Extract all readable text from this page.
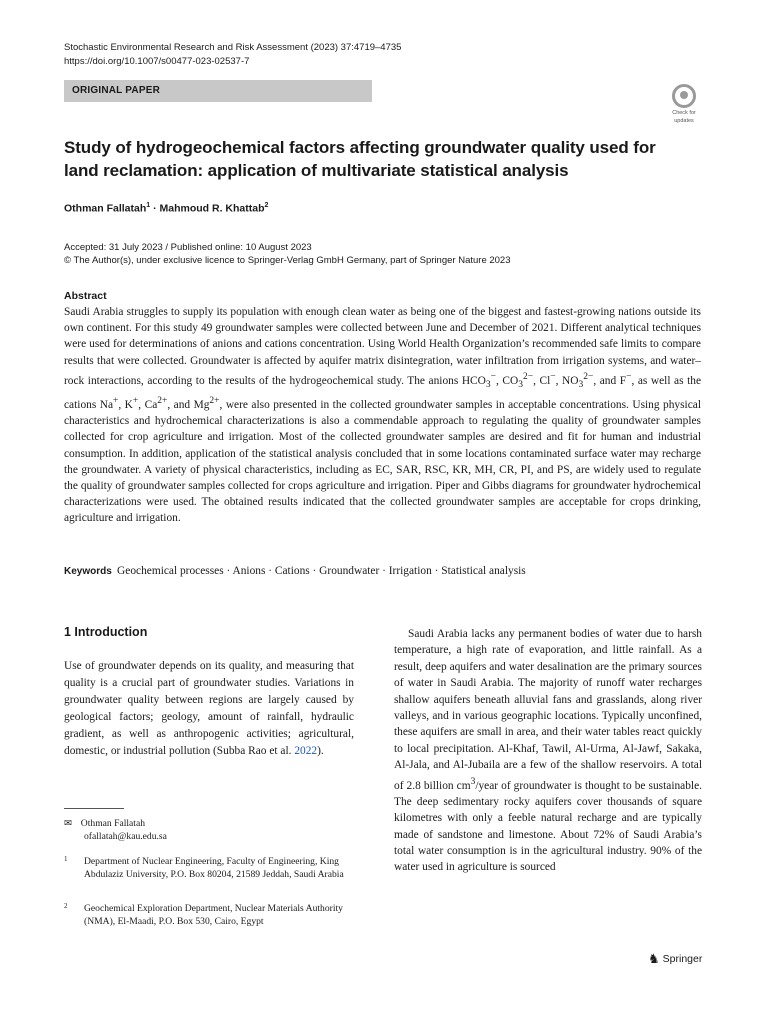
Stochastic Environmental Research and Risk Assessment (2023) 37:4719–4735
https://doi.org/10.1007/s00477-023-02537-7
ORIGINAL PAPER
Check for
updates
Study of hydrogeochemical factors affecting groundwater quality used for land reclamation: application of multivariate statistical analysis
Othman Fallatah$^1$ · Mahmoud R. Khattab$^2$
Accepted: 31 July 2023 / Published online: 10 August 2023
© The Author(s), under exclusive licence to Springer-Verlag GmbH Germany, part of Springer Nature 2023
Abstract
Saudi Arabia struggles to supply its population with enough clean water as being one of the biggest and fastest-growing nations outside its own continent. For this study 49 groundwater samples were collected between June and December of 2021. Different analytical techniques were used for determinations of anions and cations concentration. Using World Health Organization’s recommended safe limits to compare results that were collected. Groundwater is affected by aquifer matrix disintegration, water infiltration from irrigation systems, and water–rock interactions, according to the results of the hydrogeochemical study. The anions $HCO_3^-$, $CO_3^{2-}$, Cl−, $NO_3^{2-}$, and F−, as well as the cations Na+, K+, $Ca^{2+}$, and $Mg^{2+}$, were also presented in the collected groundwater samples in acceptable concentrations. Using physical characteristics and hydrochemical characterizations is also a commendable approach to regulating the quality of groundwater samples collected for crop agriculture and irrigation. Most of the collected groundwater samples are desired and fit for human and industrial consumption. In addition, application of the statistical analysis concluded that in some locations contaminated surface water may recharge the groundwater. A variety of physical characteristics, including as EC, SAR, RSC, KR, MH, CR, PI, and PS, are widely used to regulate the quality of groundwater samples collected for crops agriculture and irrigation. Piper and Gibbs diagrams for groundwater hydrochemical characterizations were used. The obtained results indicated that the collected groundwater samples are acceptable for crops drinking, agriculture and irrigation.
Keywords Geochemical processes · Anions · Cations · Groundwater · Irrigation · Statistical analysis
1 Introduction
Use of groundwater depends on its quality, and measuring that quality is a crucial part of groundwater studies. Variations in groundwater quality between regions are largely caused by geological factors; geology, amount of rainfall, hydraulic gradient, as well as anthropogenic activities; agricultural, domestic, or industrial pollution (Subba Rao et al. 2022).
Saudi Arabia lacks any permanent bodies of water due to harsh temperature, a high rate of evaporation, and little rainfall. As a result, deep aquifers and water desalination are the primary sources of water in Saudi Arabia. The majority of runoff water recharges shallow aquifers beneath alluvial fans and grasslands, along river valleys, and in various geographic locations. Typically unconfined, these aquifers are small in area, and their water tables react quickly to local precipitation. Al-Khaf, Tawil, Al-Urma, Al-Jawf, Sakaka, Al-Jala, and Al-Jubaila are a few of the shallow reservoirs. A total of 2.8 billion $cm^3$/year of groundwater is thought to be sustainable. The deep sedimentary rocky aquifers cover thousands of square kilometres with only a feeble natural recharge and are typically made of sandstone and limestone. About 72% of Saudi Arabia’s total water consumption is in the agricultural industry. 90% of the water used in agriculture is sourced
✉ Othman Fallatah
ofallatah@kau.edu.sa
1 Department of Nuclear Engineering, Faculty of Engineering, King Abdulaziz University, P.O. Box 80204, 21589 Jeddah, Saudi Arabia
2 Geochemical Exploration Department, Nuclear Materials Authority (NMA), El-Maadi, P.O. Box 530, Cairo, Egypt
♞ Springer
